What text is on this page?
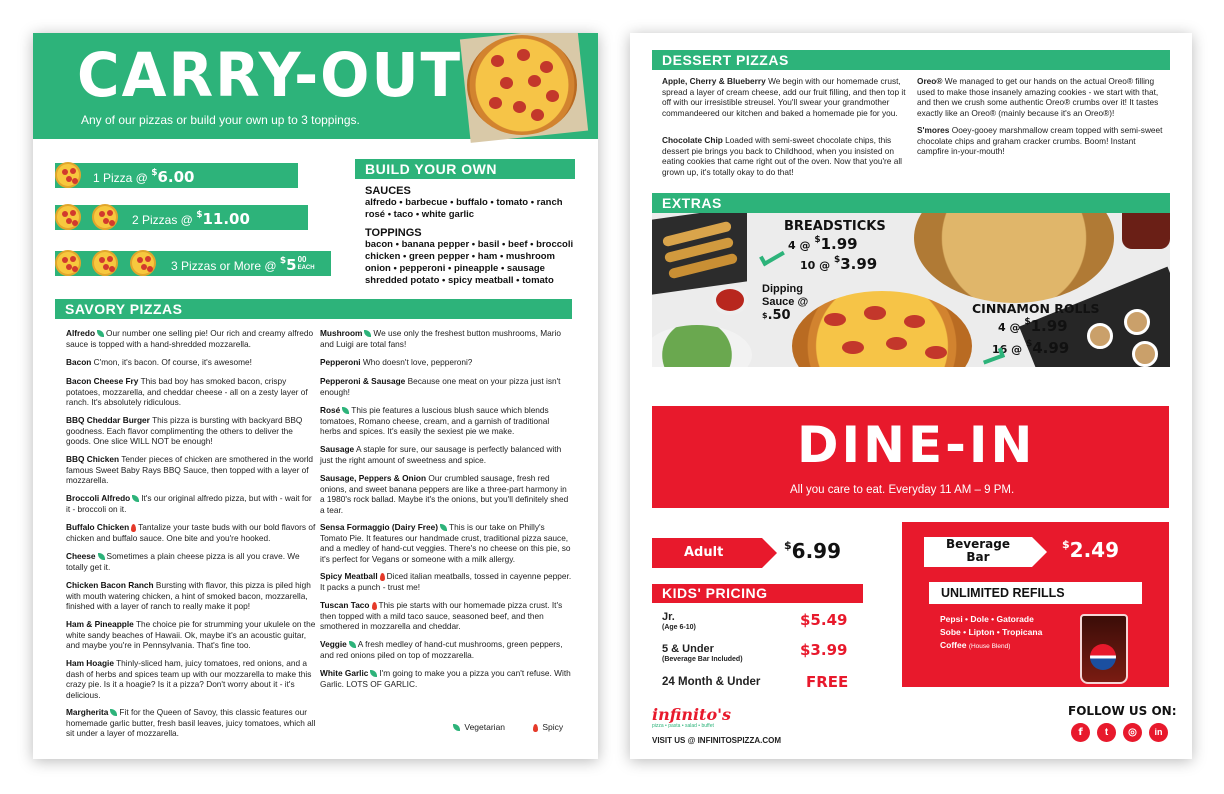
CARRY-OUT
Any of our pizzas or build your own up to 3 toppings.
1 Pizza @ $6.00
2 Pizzas @ $11.00
3 Pizzas or More @ $5 00
EACH
BUILD YOUR OWN
SAUCES
alfredo • barbecue • buffalo • tomato • ranch rosé • taco • white garlic
TOPPINGS
bacon • banana pepper • basil • beef • broccoli chicken • green pepper • ham • mushroom onion • pepperoni • pineapple • sausage shredded potato • spicy meatball • tomato
SAVORY PIZZAS
Alfredo Our number one selling pie! Our rich and creamy alfredo sauce is topped with a hand-shredded mozzarella.
Bacon C'mon, it's bacon. Of course, it's awesome!
Bacon Cheese Fry This bad boy has smoked bacon, crispy potatoes, mozzarella, and cheddar cheese - all on a zesty layer of ranch. It's absolutely ridiculous.
BBQ Cheddar Burger This pizza is bursting with backyard BBQ goodness. Each flavor complimenting the others to deliver the goods. One slice WILL NOT be enough!
BBQ Chicken Tender pieces of chicken are smothered in the world famous Sweet Baby Rays BBQ Sauce, then topped with a layer of mozzarella.
Broccoli Alfredo It's our original alfredo pizza, but with - wait for it - broccoli on it.
Buffalo Chicken Tantalize your taste buds with our bold flavors of chicken and buffalo sauce. One bite and you're hooked.
Cheese Sometimes a plain cheese pizza is all you crave. We totally get it.
Chicken Bacon Ranch Bursting with flavor, this pizza is piled high with mouth watering chicken, a hint of smoked bacon, mozzarella, finished with a layer of ranch to really make it pop!
Ham & Pineapple The choice pie for strumming your ukulele on the white sandy beaches of Hawaii. Ok, maybe it's an acoustic guitar, and maybe you're in Pennsylvania. That's fine too.
Ham Hoagie Thinly-sliced ham, juicy tomatoes, red onions, and a dash of herbs and spices team up with our mozzarella to make this crazy pie. Is it a hoagie? Is it a pizza? Don't worry about it - it's delicious.
Margherita Fit for the Queen of Savoy, this classic features our homemade garlic butter, fresh basil leaves, juicy tomatoes, which all sit under a layer of mozzarella.
Mushroom We use only the freshest button mushrooms, Mario and Luigi are total fans!
Pepperoni Who doesn't love, pepperoni?
Pepperoni & Sausage Because one meat on your pizza just isn't enough!
Rosé This pie features a luscious blush sauce which blends tomatoes, Romano cheese, cream, and a garnish of traditional herbs and spices. It's easily the sexiest pie we make.
Sausage A staple for sure, our sausage is perfectly balanced with just the right amount of sweetness and spice.
Sausage, Peppers & Onion Our crumbled sausage, fresh red onions, and sweet banana peppers are like a three-part harmony in a 1980's rock ballad. Maybe it's the onions, but you'll definitely shed a tear.
Sensa Formaggio (Dairy Free) This is our take on Philly's Tomato Pie. It features our handmade crust, traditional pizza sauce, and a medley of hand-cut veggies. There's no cheese on this pie, so it's perfect for Vegans or someone with a milk allergy.
Spicy Meatball Diced italian meatballs, tossed in cayenne pepper. It packs a punch - trust me!
Tuscan Taco This pie starts with our homemade pizza crust. It's then topped with a mild taco sauce, seasoned beef, and then smothered in mozzarella and cheddar.
Veggie A fresh medley of hand-cut mushrooms, green peppers, and red onions piled on top of mozzarella.
White Garlic I'm going to make you a pizza you can't refuse. With Garlic. LOTS OF GARLIC.
Vegetarian	Spicy
DESSERT PIZZAS
Apple, Cherry & Blueberry We begin with our homemade crust, spread a layer of cream cheese, add our fruit filling, and then top it off with our irresistible streusel. You'll swear your grandmother commandeered our kitchen and baked a homemade pie for you.
Chocolate Chip Loaded with semi-sweet chocolate chips, this dessert pie brings you back to Childhood, when you insisted on eating cookies that came right out of the oven. Now that you're all grown up, it's totally okay to do that!
Oreo® We managed to get our hands on the actual Oreo® filling used to make those insanely amazing cookies - we start with that, and then we crush some authentic Oreo® crumbs over it! It tastes exactly like an Oreo® (mainly because it's an Oreo®)!
S'mores Ooey-gooey marshmallow cream topped with semi-sweet chocolate chips and graham cracker crumbs. Boom! Instant campfire in-your-mouth!
EXTRAS
BREADSTICKS
4 @ $1.99
10 @ $3.99
Dipping
Sauce @
$.50	CINNAMON ROLLS
4 @ $1.99
16 @ $4.99
DINE-IN
All you care to eat. Everyday 11 AM – 9 PM.
Adult	$6.99
KIDS' PRICING
Jr.
(Age 6-10)	$5.49
5 & Under
(Beverage Bar Included)
$3.99
24 Month & Under	FREE
Beverage
Bar
$2.49
UNLIMITED REFILLS
Pepsi • Dole • Gatorade
Sobe • Lipton • Tropicana
Coffee (House Blend)
infinito's
pizza • pasta • salad • buffet
VISIT US @ INFINITOSPIZZA.COM
FOLLOW US ON:
f	t	◎	in
